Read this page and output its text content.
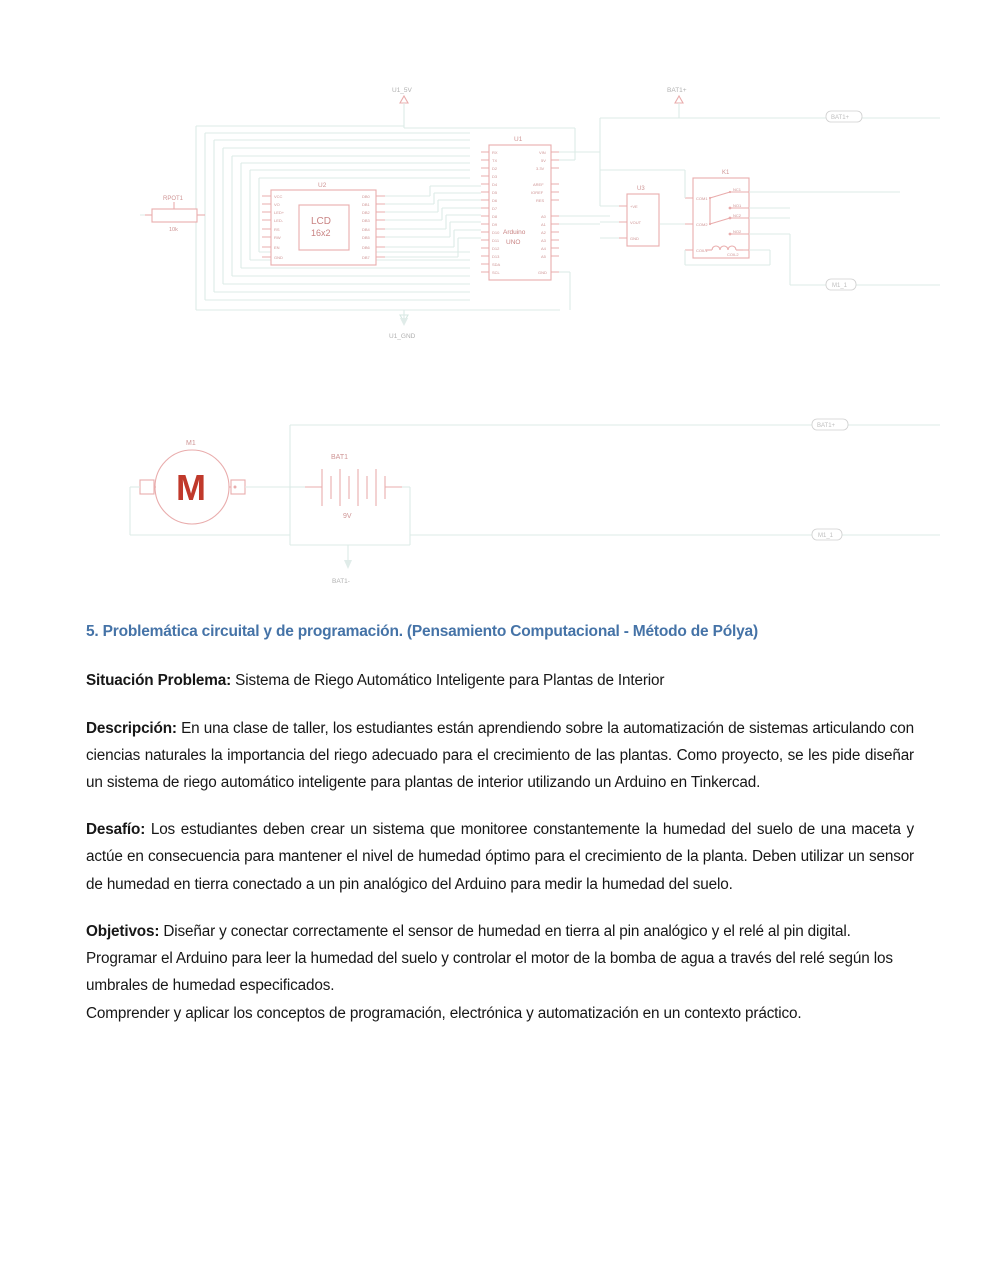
U1_5V	BAT1+
BAT1+
RPOT1
10k
U2
LCD
16x2
VCC
VO
LED+
LED-
RS
RW
EN
GND
DB0
DB1
DB2
DB3
DB4
DB5
DB6
DB7
U1
Arduino
UNO
RX
TX
D2
D3
D4
D5
D6
D7
D8
D9
D10
D11
D12
D13
SDA
SCL
VIN
5V
3.3V
AREF
IOREF
RES
A0
A1
A2
A3
A4
A5
GND
U3
+VE
VOUT
GND
K1
COM1
NC1
NO1
COM2
NC2
NO2
COIL1
COIL2
M1_1
U1_GND
BAT1+
M1
M
BAT1
9V
M1_1
BAT1-
5. Problemática circuital y de programación. (Pensamiento Computacional - Método de Pólya)

Situación Problema: Sistema de Riego Automático Inteligente para Plantas de Interior

Descripción: En una clase de taller, los estudiantes están aprendiendo sobre la automatización de sistemas articulando con ciencias naturales la importancia del riego adecuado para el crecimiento de las plantas. Como proyecto, se les pide diseñar un sistema de riego automático inteligente para plantas de interior utilizando un Arduino en Tinkercad.

Desafío: Los estudiantes deben crear un sistema que monitoree constantemente la humedad del suelo de una maceta y actúe en consecuencia para mantener el nivel de humedad óptimo para el crecimiento de la planta. Deben utilizar un sensor de humedad en tierra conectado a un pin analógico del Arduino para medir la humedad del suelo.

Objetivos: Diseñar y conectar correctamente el sensor de humedad en tierra al pin analógico y el relé al pin digital.

Programar el Arduino para leer la humedad del suelo y controlar el motor de la bomba de agua a través del relé según los umbrales de humedad especificados.

Comprender y aplicar los conceptos de programación, electrónica y automatización en un contexto práctico.
